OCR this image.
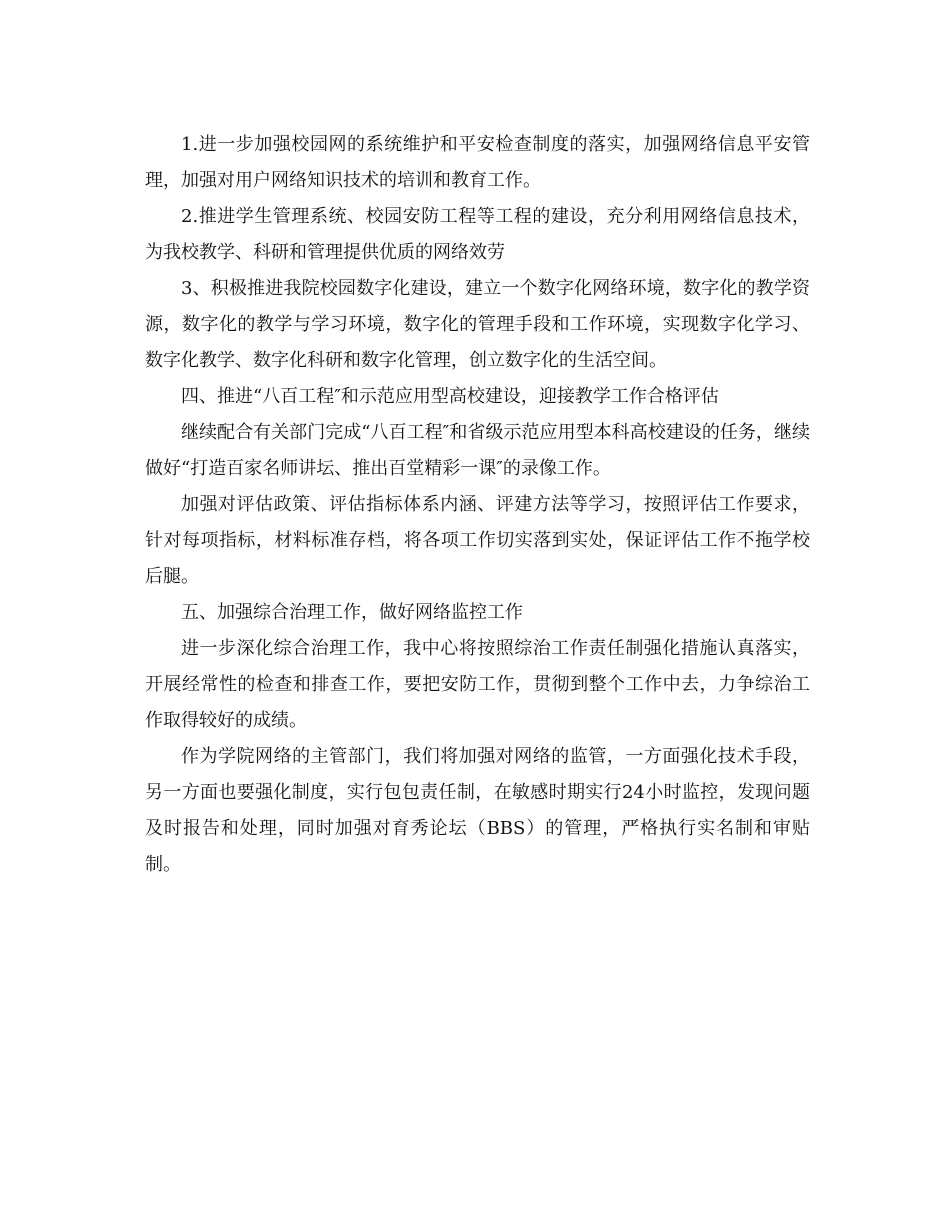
1.进一步加强校园网的系统维护和平安检查制度的落实，加强网络信息平安管理，加强对用户网络知识技术的培训和教育工作。

2.推进学生管理系统、校园安防工程等工程的建设，充分利用网络信息技术，为我校教学、科研和管理提供优质的网络效劳

3、积极推进我院校园数字化建设，建立一个数字化网络环境，数字化的教学资源，数字化的教学与学习环境，数字化的管理手段和工作环境，实现数字化学习、数字化教学、数字化科研和数字化管理，创立数字化的生活空间。

四、推进“八百工程″和示范应用型高校建设，迎接教学工作合格评估

继续配合有关部门完成“八百工程″和省级示范应用型本科高校建设的任务，继续做好“打造百家名师讲坛、推出百堂精彩一课″的录像工作。

加强对评估政策、评估指标体系内涵、评建方法等学习，按照评估工作要求，针对每项指标，材料标准存档，将各项工作切实落到实处，保证评估工作不拖学校后腿。

五、加强综合治理工作，做好网络监控工作

进一步深化综合治理工作，我中心将按照综治工作责任制强化措施认真落实，开展经常性的检查和排查工作，要把安防工作，贯彻到整个工作中去，力争综治工作取得较好的成绩。

作为学院网络的主管部门，我们将加强对网络的监管，一方面强化技术手段，另一方面也要强化制度，实行包包责任制，在敏感时期实行24小时监控，发现问题及时报告和处理，同时加强对育秀论坛（BBS）的管理，严格执行实名制和审贴制。
